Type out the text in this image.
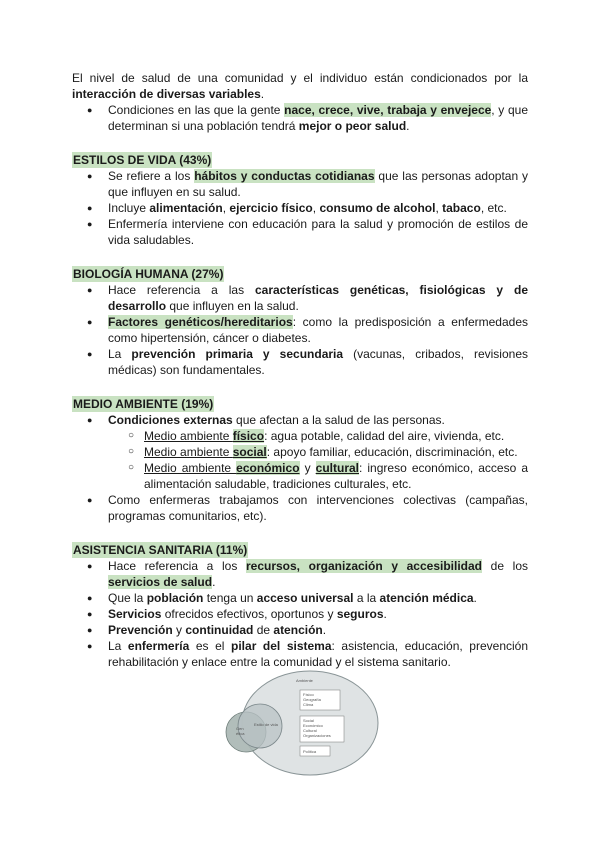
El nivel de salud de una comunidad y el individuo están condicionados por la interacción de diversas variables.

● Condiciones en las que la gente nace, crece, vive, trabaja y envejece, y que determinan si una población tendrá mejor o peor salud.

ESTILOS DE VIDA (43%)

● Se refiere a los hábitos y conductas cotidianas que las personas adoptan y que influyen en su salud.
● Incluye alimentación, ejercicio físico, consumo de alcohol, tabaco, etc.
● Enfermería interviene con educación para la salud y promoción de estilos de vida saludables.

BIOLOGÍA HUMANA (27%)

● Hace referencia a las características genéticas, fisiológicas y de desarrollo que influyen en la salud.
● Factores genéticos/hereditarios: como la predisposición a enfermedades como hipertensión, cáncer o diabetes.
● La prevención primaria y secundaria (vacunas, cribados, revisiones médicas) son fundamentales.

MEDIO AMBIENTE (19%)

● Condiciones externas que afectan a la salud de las personas.
○ Medio ambiente físico: agua potable, calidad del aire, vivienda, etc.
○ Medio ambiente social: apoyo familiar, educación, discriminación, etc.
○ Medio ambiente económico y cultural: ingreso económico, acceso a alimentación saludable, tradiciones culturales, etc.
● Como enfermeras trabajamos con intervenciones colectivas (campañas, programas comunitarios, etc).

ASISTENCIA SANITARIA (11%)

● Hace referencia a los recursos, organización y accesibilidad de los servicios de salud.
● Que la población tenga un acceso universal a la atención médica.
● Servicios ofrecidos efectivos, oportunos y seguros.
● Prevención y continuidad de atención.
● La enfermería es el pilar del sistema: asistencia, educación, prevención rehabilitación y enlace entre la comunidad y el sistema sanitario.
Ambiente
Físico
Geografía
Clima
Social
Económico
Cultural
Organizaciones
Política
Estilo de vida
Gen
ética
